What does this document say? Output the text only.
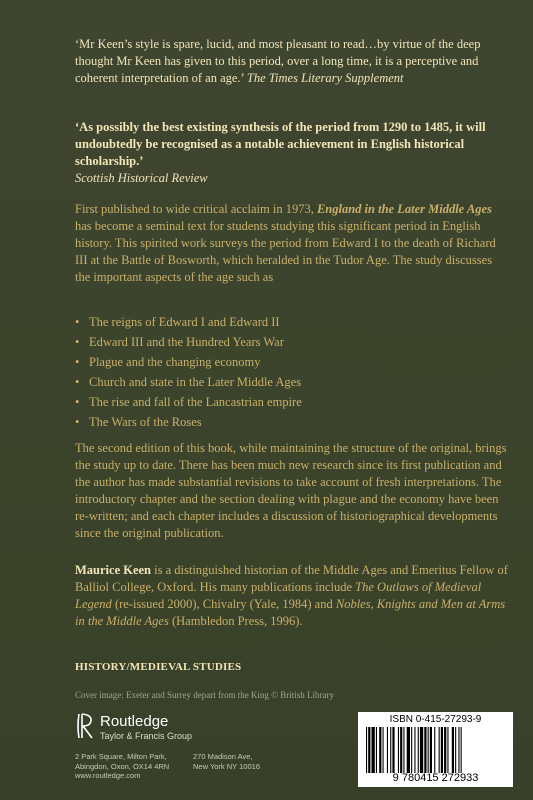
‘Mr Keen’s style is spare, lucid, and most pleasant to read…by virtue of the deep thought Mr Keen has given to this period, over a long time, it is a perceptive and coherent interpretation of an age.’ The Times Literary Supplement
‘As possibly the best existing synthesis of the period from 1290 to 1485, it will undoubtedly be recognised as a notable achievement in English historical scholarship.’
Scottish Historical Review
First published to wide critical acclaim in 1973, England in the Later Middle Ages has become a seminal text for students studying this significant period in English history. This spirited work surveys the period from Edward I to the death of Richard III at the Battle of Bosworth, which heralded in the Tudor Age. The study discusses the important aspects of the age such as
• The reigns of Edward I and Edward II
• Edward III and the Hundred Years War
• Plague and the changing economy
• Church and state in the Later Middle Ages
• The rise and fall of the Lancastrian empire
• The Wars of the Roses
The second edition of this book, while maintaining the structure of the original, brings the study up to date. There has been much new research since its first publication and the author has made substantial revisions to take account of fresh interpretations. The introductory chapter and the section dealing with plague and the economy have been re-written; and each chapter includes a discussion of historiographical developments since the original publication.
Maurice Keen is a distinguished historian of the Middle Ages and Emeritus Fellow of Balliol College, Oxford. His many publications include The Outlaws of Medieval Legend (re-issued 2000), Chivalry (Yale, 1984) and Nobles, Knights and Men at Arms in the Middle Ages (Hambledon Press, 1996).
HISTORY/MEDIEVAL STUDIES
Cover image: Exeter and Surrey depart from the King © British Library
Routledge
Taylor & Francis Group
2 Park Square, Milton Park,
Abingdon, Oxon, OX14 4RN
www.routledge.com
270 Madison Ave,
New York NY 10016
ISBN 0-415-27293-9
9 780415 272933
